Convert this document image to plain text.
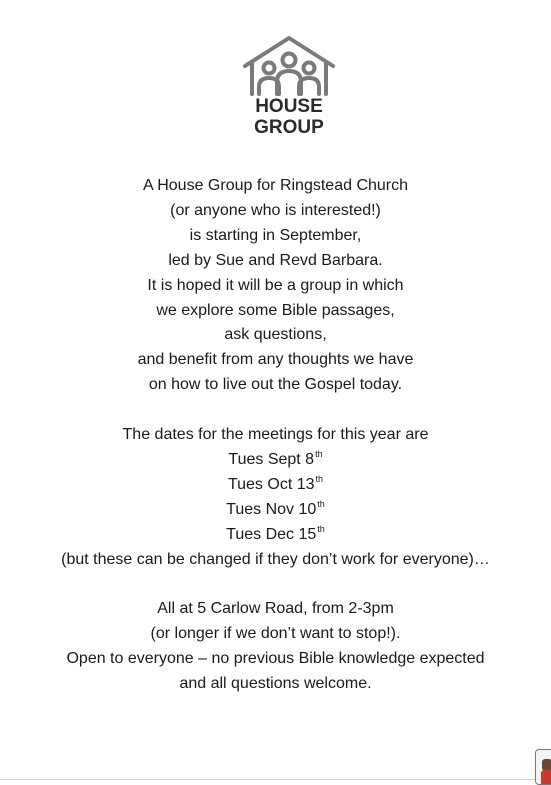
HOUSE
GROUP

A House Group for Ringstead Church

(or anyone who is interested!)

is starting in September,

led by Sue and Revd Barbara.

It is hoped it will be a group in which

we explore some Bible passages,

ask questions,

and benefit from any thoughts we have

on how to live out the Gospel today.

The dates for the meetings for this year are

Tues Sept 8th

Tues Oct 13th

Tues Nov 10th

Tues Dec 15th

(but these can be changed if they don’t work for everyone)…

All at 5 Carlow Road, from 2-3pm

(or longer if we don’t want to stop!).

Open to everyone – no previous Bible knowledge expected

and all questions welcome.
